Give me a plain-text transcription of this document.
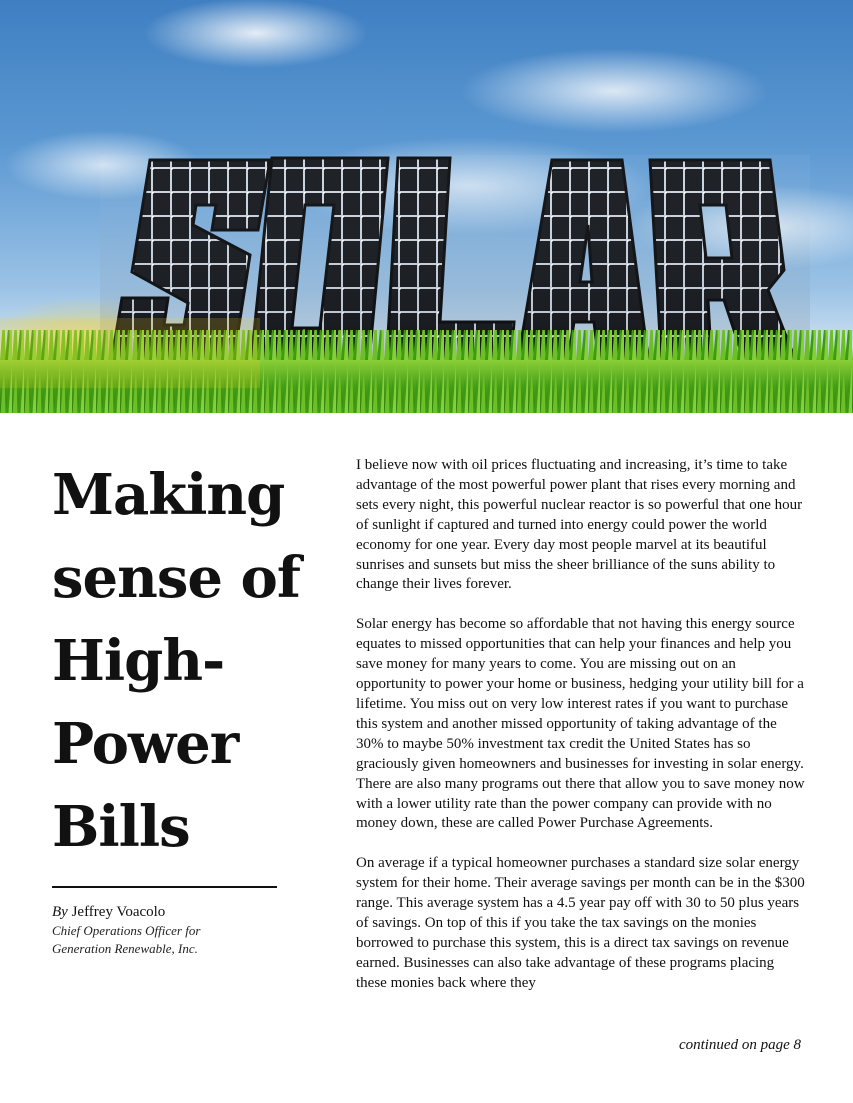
Making
sense of
High-
Power
Bills
By Jeffrey Voacolo
Chief Operations Officer for
Generation Renewable, Inc.

I believe now with oil prices fluctuating and increasing, it’s time to take advantage of the most powerful power plant that rises every morning and sets every night, this powerful nuclear reactor is so powerful that one hour of sunlight if captured and turned into energy could power the world economy for one year. Every day most people marvel at its beautiful sunrises and sunsets but miss the sheer brilliance of the suns ability to change their lives forever.

Solar energy has become so affordable that not having this energy source equates to missed opportunities that can help your finances and help you save money for many years to come. You are missing out on an opportunity to power your home or business, hedging your utility bill for a lifetime. You miss out on very low interest rates if you want to purchase this system and another missed opportunity of taking advantage of the 30% to maybe 50% investment tax credit the United States has so graciously given homeowners and businesses for investing in solar energy. There are also many programs out there that allow you to save money now with a lower utility rate than the power company can provide with no money down, these are called Power Purchase Agreements.

On average if a typical homeowner purchases a standard size solar energy system for their home. Their average savings per month can be in the $300 range. This average system has a 4.5 year pay off with 30 to 50 plus years of savings. On top of this if you take the tax savings on the monies borrowed to purchase this system, this is a direct tax savings on revenue earned. Businesses can also take advantage of these programs placing these monies back where they

continued on page 8
